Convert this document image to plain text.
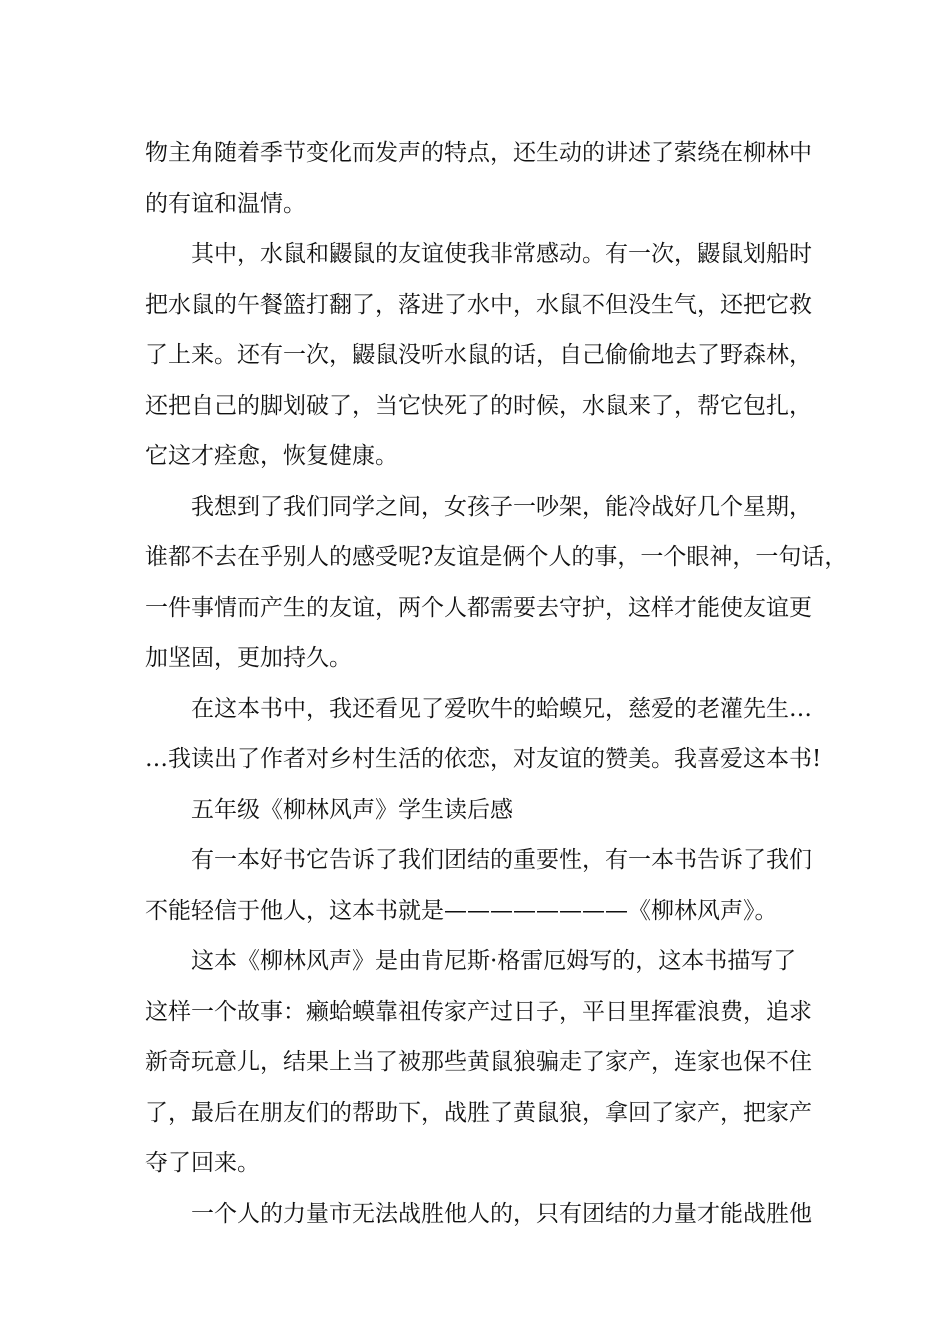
物主角随着季节变化而发声的特点，还生动的讲述了萦绕在柳林中
的有谊和温情。
其中，水鼠和鼹鼠的友谊使我非常感动。有一次，鼹鼠划船时
把水鼠的午餐篮打翻了，落进了水中，水鼠不但没生气，还把它救
了上来。还有一次，鼹鼠没听水鼠的话，自己偷偷地去了野森林，
还把自己的脚划破了，当它快死了的时候，水鼠来了，帮它包扎，
它这才痊愈，恢复健康。
我想到了我们同学之间，女孩子一吵架，能冷战好几个星期，
谁都不去在乎别人的感受呢?友谊是俩个人的事，一个眼神，一句话，
一件事情而产生的友谊，两个人都需要去守护，这样才能使友谊更
加坚固，更加持久。
在这本书中，我还看见了爱吹牛的蛤蟆兄，慈爱的老灌先生…
…我读出了作者对乡村生活的依恋，对友谊的赞美。我喜爱这本书!
五年级《柳林风声》学生读后感
有一本好书它告诉了我们团结的重要性，有一本书告诉了我们
不能轻信于他人，这本书就是————————《柳林风声》。
这本《柳林风声》是由肯尼斯·格雷厄姆写的，这本书描写了
这样一个故事：癞蛤蟆靠祖传家产过日子，平日里挥霍浪费，追求
新奇玩意儿，结果上当了被那些黄鼠狼骗走了家产，连家也保不住
了，最后在朋友们的帮助下，战胜了黄鼠狼，拿回了家产，把家产
夺了回来。
一个人的力量市无法战胜他人的，只有团结的力量才能战胜他
